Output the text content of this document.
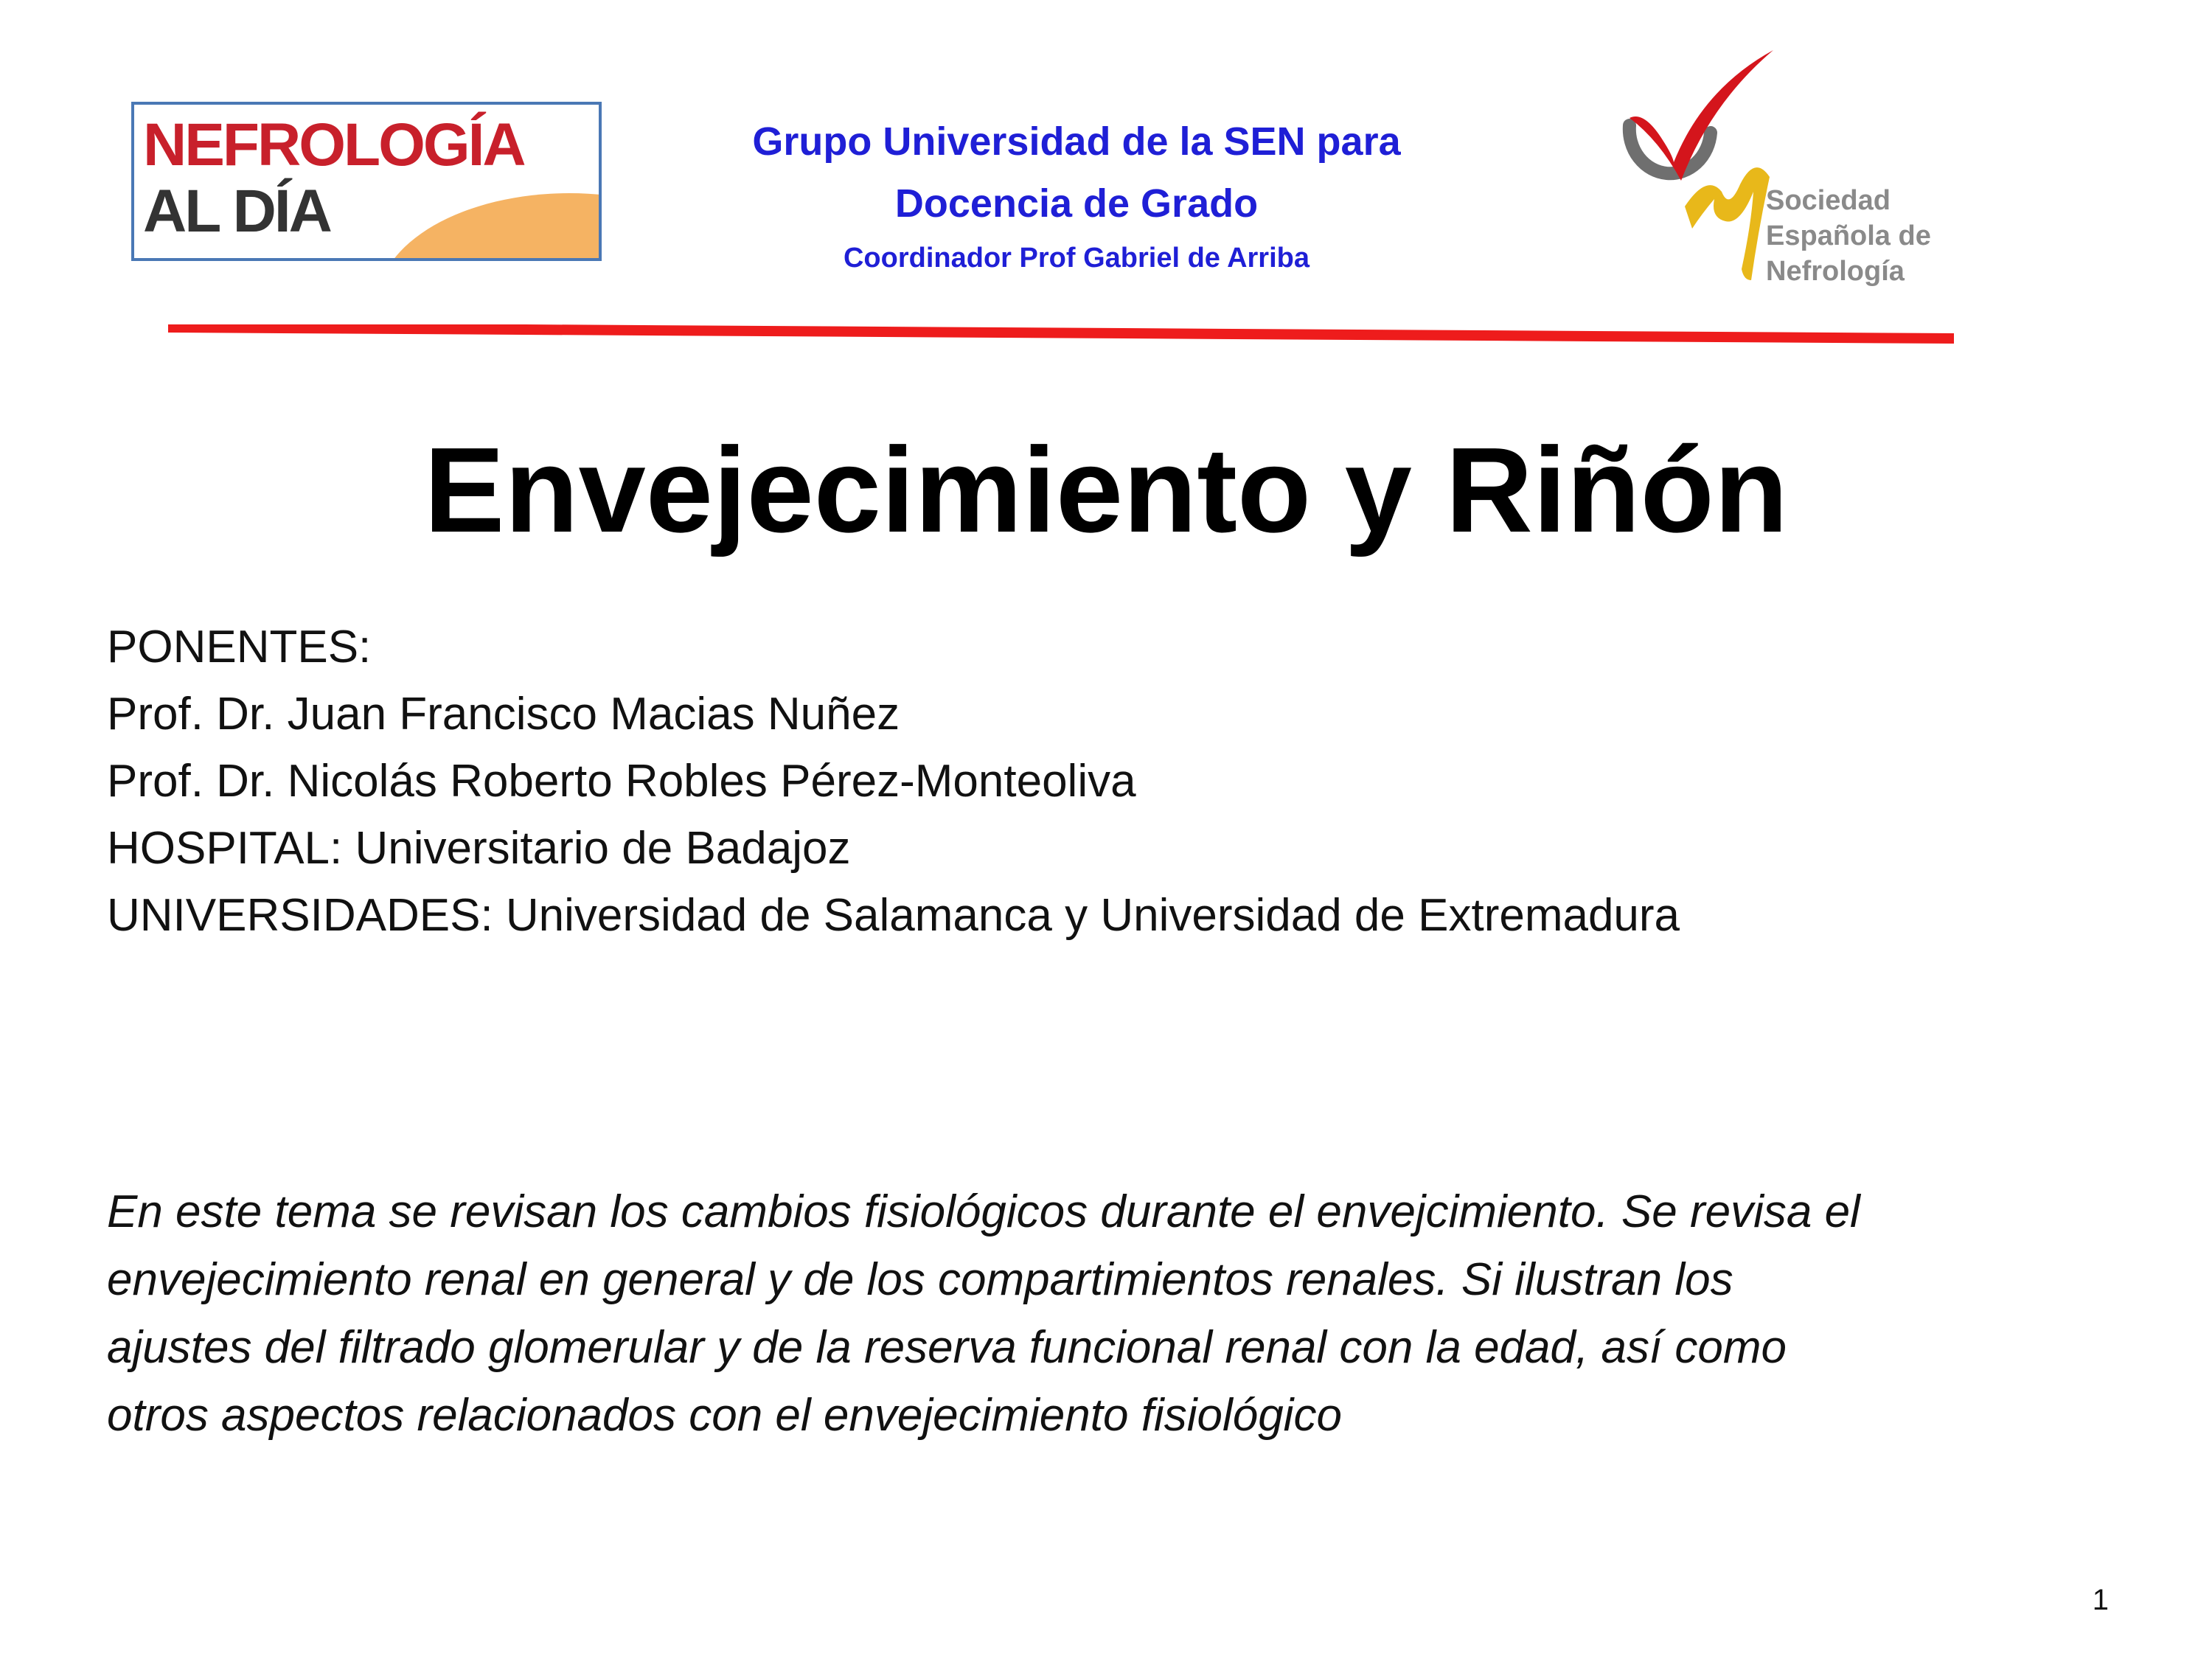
NEFROLOGÍA

AL DÍA

Grupo Universidad de la SEN para
Docencia de Grado
Coordinador Prof Gabriel de Arriba
Sociedad
Española de
Nefrología
Envejecimiento y Riñón
PONENTES:
Prof. Dr. Juan Francisco Macias Nuñez
Prof. Dr. Nicolás Roberto Robles Pérez-Monteoliva
HOSPITAL: Universitario de Badajoz
UNIVERSIDADES: Universidad de Salamanca y Universidad de Extremadura
En este tema se revisan los cambios fisiológicos durante el envejcimiento. Se revisa el
envejecimiento renal en general y de los compartimientos renales. Si ilustran los
ajustes del filtrado glomerular y de la reserva funcional renal con la edad, así como
otros aspectos relacionados con el envejecimiento fisiológico
1
